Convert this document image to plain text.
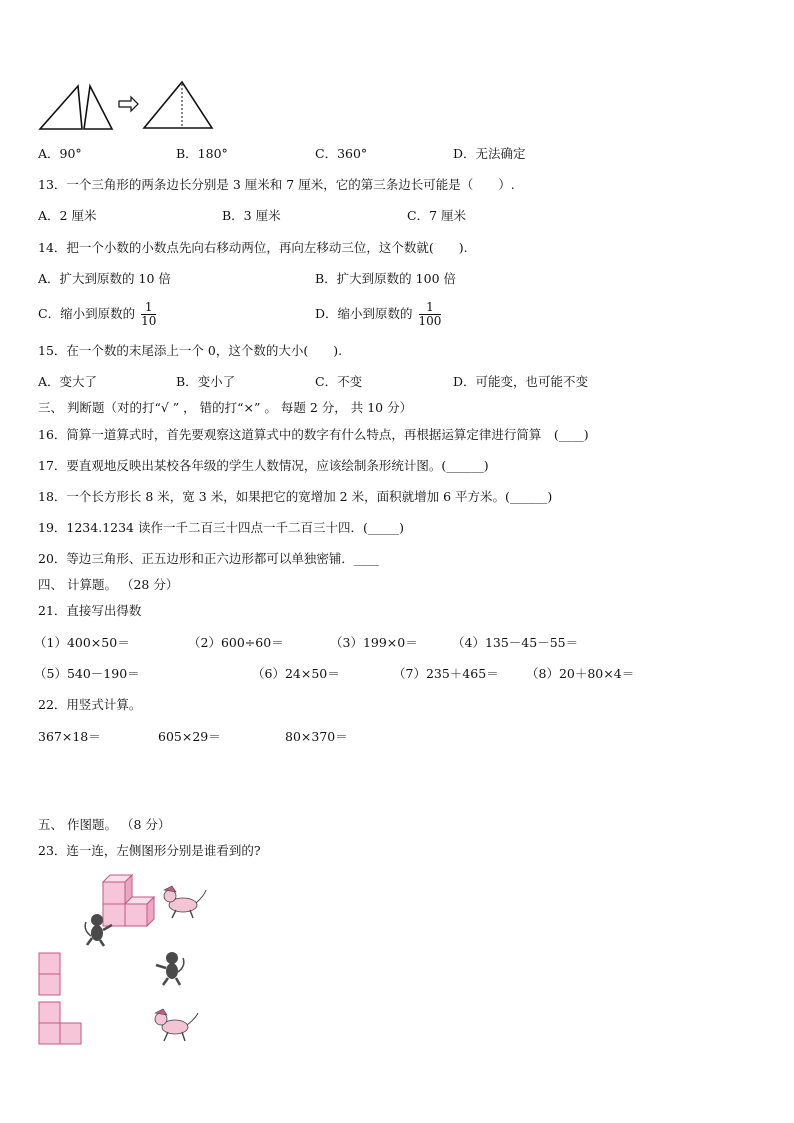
A．90°	B．180°	C．360°	D．无法确定
13．一个三角形的两条边长分别是 3 厘米和 7 厘米，它的第三条边长可能是（　　）.
A．2 厘米	B．3 厘米	C．7 厘米
14．把一个小数的小数点先向右移动两位，再向左移动三位，这个数就(　　).
A．扩大到原数的 10 倍	B．扩大到原数的 100 倍
C．缩小到原数的 $\frac{1}{10}$	D．缩小到原数的 $\frac{1}{100}$
15．在一个数的末尾添上一个 0，这个数的大小(　　).
A．变大了	B．变小了	C．不变	D．可能变，也可能不变
三、 判断题（对的打“√ ” ， 错的打“×” 。 每题 2 分， 共 10 分）
16．简算一道算式时，首先要观察这道算式中的数字有什么特点，再根据运算定律进行简算　(____)
17．要直观地反映出某校各年级的学生人数情况，应该绘制条形统计图。(______)
18．一个长方形长 8 米，宽 3 米，如果把它的宽增加 2 米，面积就增加 6 平方米。(______)
19．1234.1234 读作一千二百三十四点一千二百三十四．(_____)
20．等边三角形、正五边形和正六边形都可以单独密铺．____
四、 计算题。 （28 分）
21．直接写出得数
（1）400×50＝	（2）600÷60＝	（3）199×0＝	（4）135－45－55＝
（5）540－190＝	（6）24×50＝	（7）235＋465＝ （8）20＋80×4＝
22．用竖式计算。
367×18＝	605×29＝	80×370＝
五、 作图题。 （8 分）
23．连一连，左侧图形分别是谁看到的?
